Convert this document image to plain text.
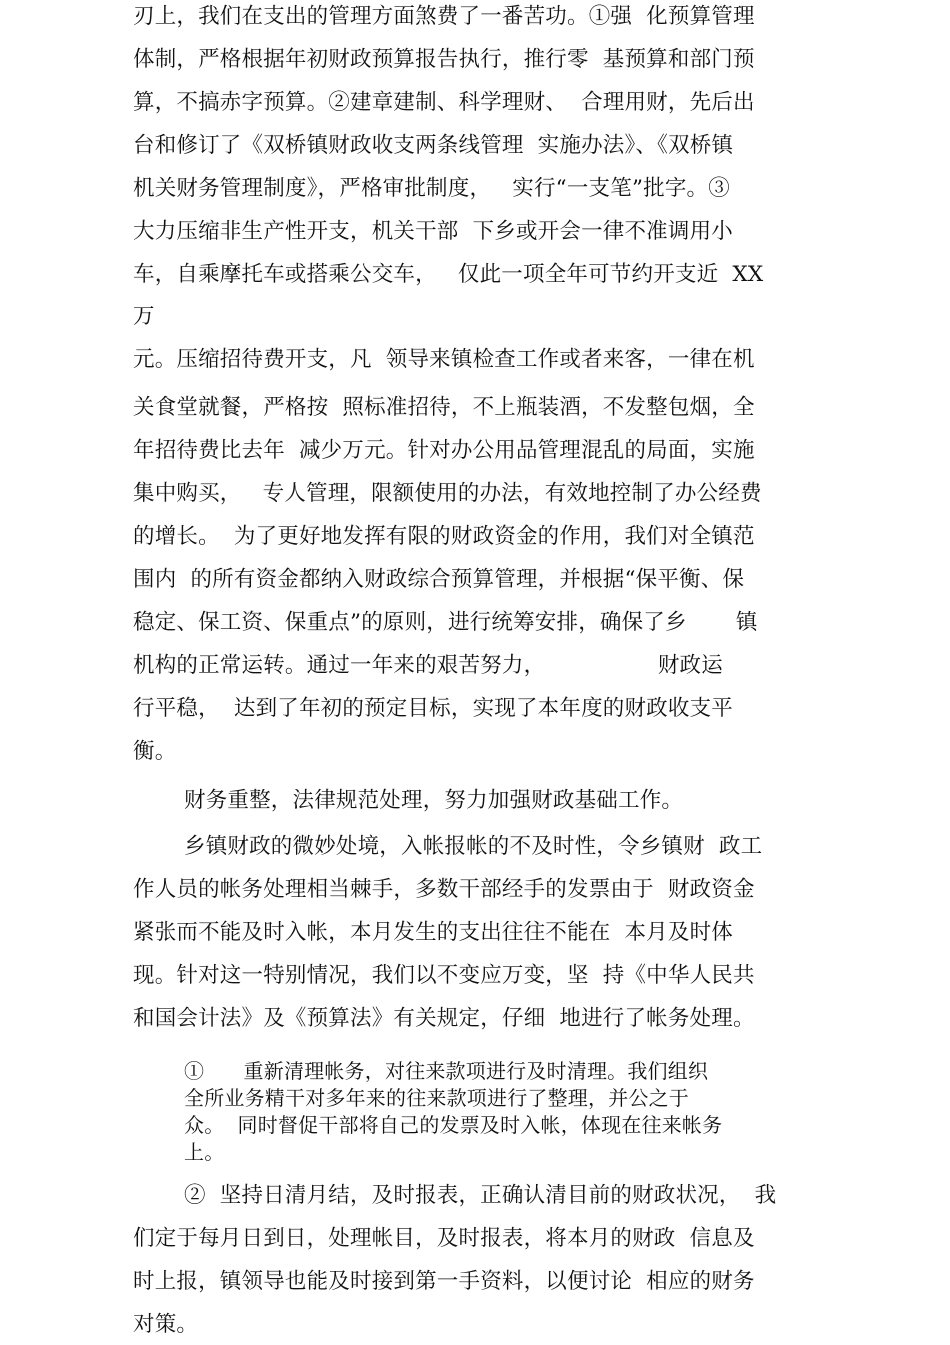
刃上，我们在支出的管理方面煞费了一番苦功。①强  化预算管理

体制，严格根据年初财政预算报告执行，推行零  基预算和部门预

算，不搞赤字预算。②建章建制、科学理财、  合理用财，先后出

台和修订了《双桥镇财政收支两条线管理  实施办法》、《双桥镇

机关财务管理制度》，严格审批制度，   实行“一支笔”批字。③

大力压缩非生产性开支，机关干部  下乡或开会一律不准调用小

车，自乘摩托车或搭乘公交车，   仅此一项全年可节约开支近  XX

万

元。压缩招待费开支，凡  领导来镇检查工作或者来客，一律在机

关食堂就餐，严格按  照标准招待，不上瓶装酒，不发整包烟，全

年招待费比去年  减少万元。针对办公用品管理混乱的局面，实施

集中购买，   专人管理，限额使用的办法，有效地控制了办公经费

的增长。  为了更好地发挥有限的财政资金的作用，我们对全镇范

围内  的所有资金都纳入财政综合预算管理，并根据“保平衡、保

稳定、保工资、保重点”的原则，进行统筹安排，确保了乡       镇

机构的正常运转。通过一年来的艰苦努力，                财政运

行平稳，  达到了年初的预定目标，实现了本年度的财政收支平

衡。

财务重整，法律规范处理，努力加强财政基础工作。

乡镇财政的微妙处境，入帐报帐的不及时性，令乡镇财  政工

作人员的帐务处理相当棘手，多数干部经手的发票由于  财政资金

紧张而不能及时入帐，本月发生的支出往往不能在  本月及时体

现。针对这一特别情况，我们以不变应万变，坚  持《中华人民共

和国会计法》及《预算法》有关规定，仔细  地进行了帐务处理。

①      重新清理帐务，对往来款项进行及时清理。我们组织

全所业务精干对多年来的往来款项进行了整理，并公之于

众。  同时督促干部将自己的发票及时入帐，体现在往来帐务

上。

②  坚持日清月结，及时报表，正确认清目前的财政状况，  我

们定于每月日到日，处理帐目，及时报表，将本月的财政  信息及

时上报，镇领导也能及时接到第一手资料，以便讨论  相应的财务

对策。
